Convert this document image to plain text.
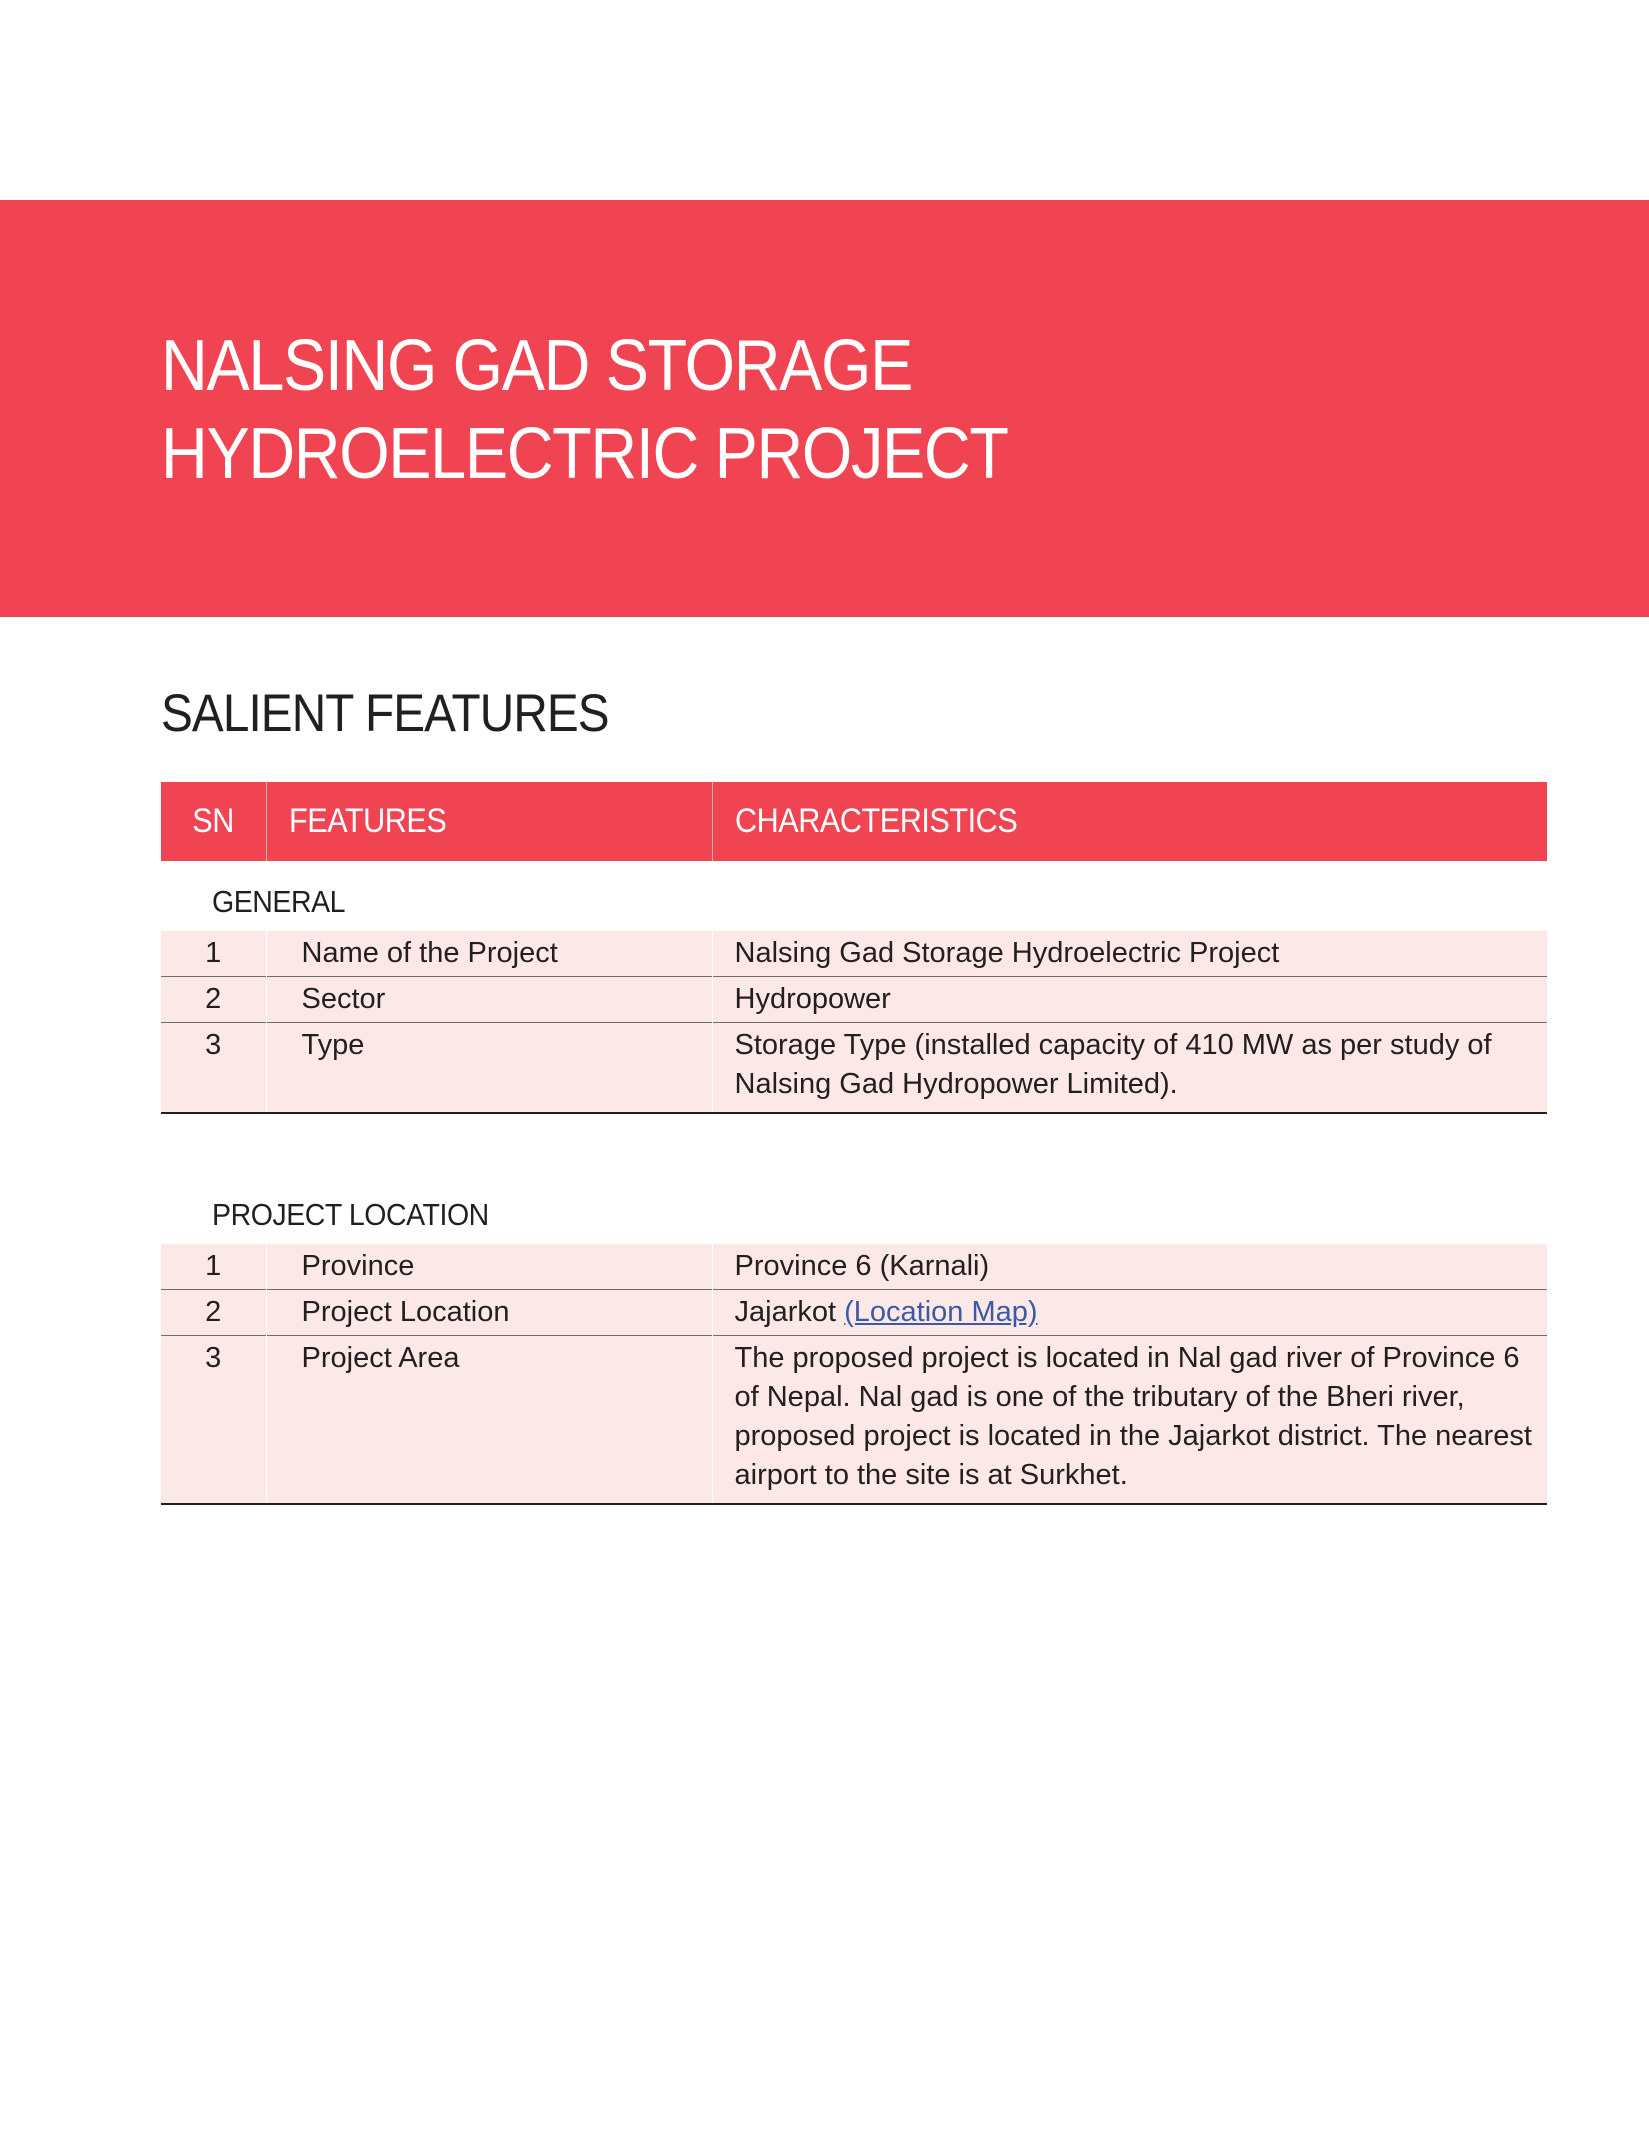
NALSING GAD STORAGE
HYDROELECTRIC PROJECT
SALIENT FEATURES
SN	FEATURES	CHARACTERISTICS
GENERAL		
1	Name of the Project	Nalsing Gad Storage Hydroelectric Project
2	Sector	Hydropower
3	Type	Storage Type (installed capacity of 410 MW as per study of Nalsing Gad Hydropower Limited).

PROJECT LOCATION		
1	Province	Province 6 (Karnali)
2	Project Location	Jajarkot (Location Map)
3	Project Area	The proposed project is located in Nal gad river of Province 6 of Nepal. Nal gad is one of the tributary of the Bheri river, proposed project is located in the Jajarkot district. The nearest airport to the site is at Surkhet.
